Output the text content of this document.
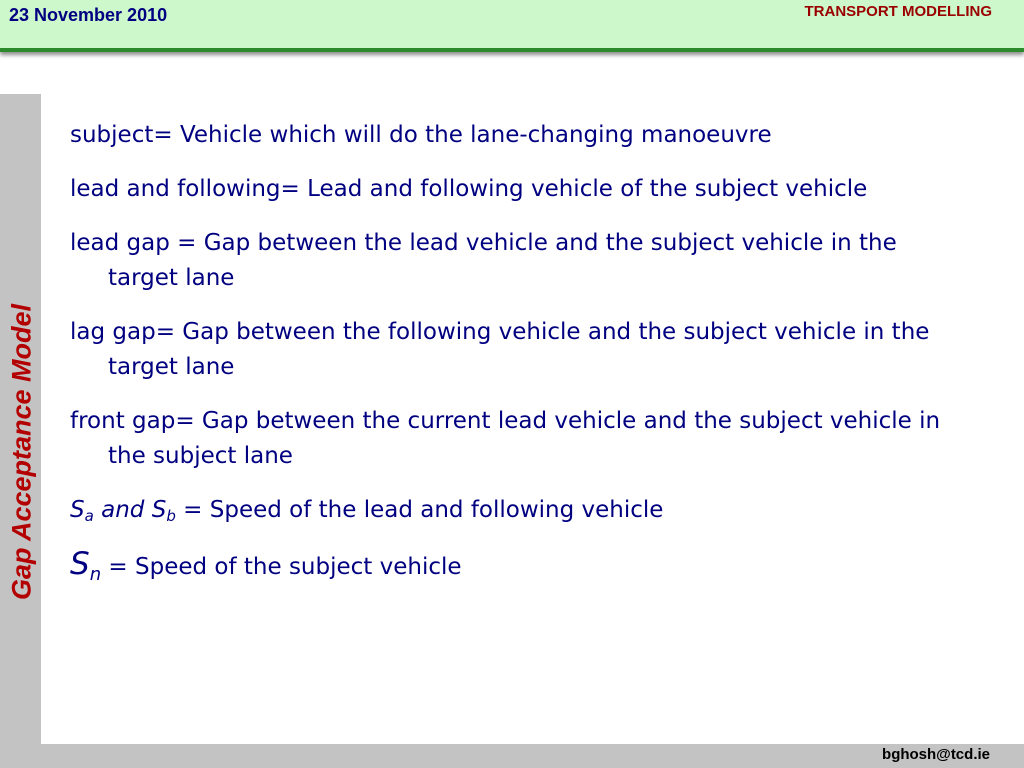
23 November 2010	TRANSPORT MODELLING
Gap Acceptance Model
subject= Vehicle which will do the lane-changing manoeuvre
lead and following= Lead and following vehicle of the subject vehicle
lead gap = Gap between the lead vehicle and the subject vehicle in the target lane
lag gap= Gap between the following vehicle and the subject vehicle in the target lane
front gap= Gap between the current lead vehicle and the subject vehicle in the subject lane
$S_a$ and $S_b$ = Speed of the lead and following vehicle
$S_n$ = Speed of the subject vehicle
bghosh@tcd.ie
